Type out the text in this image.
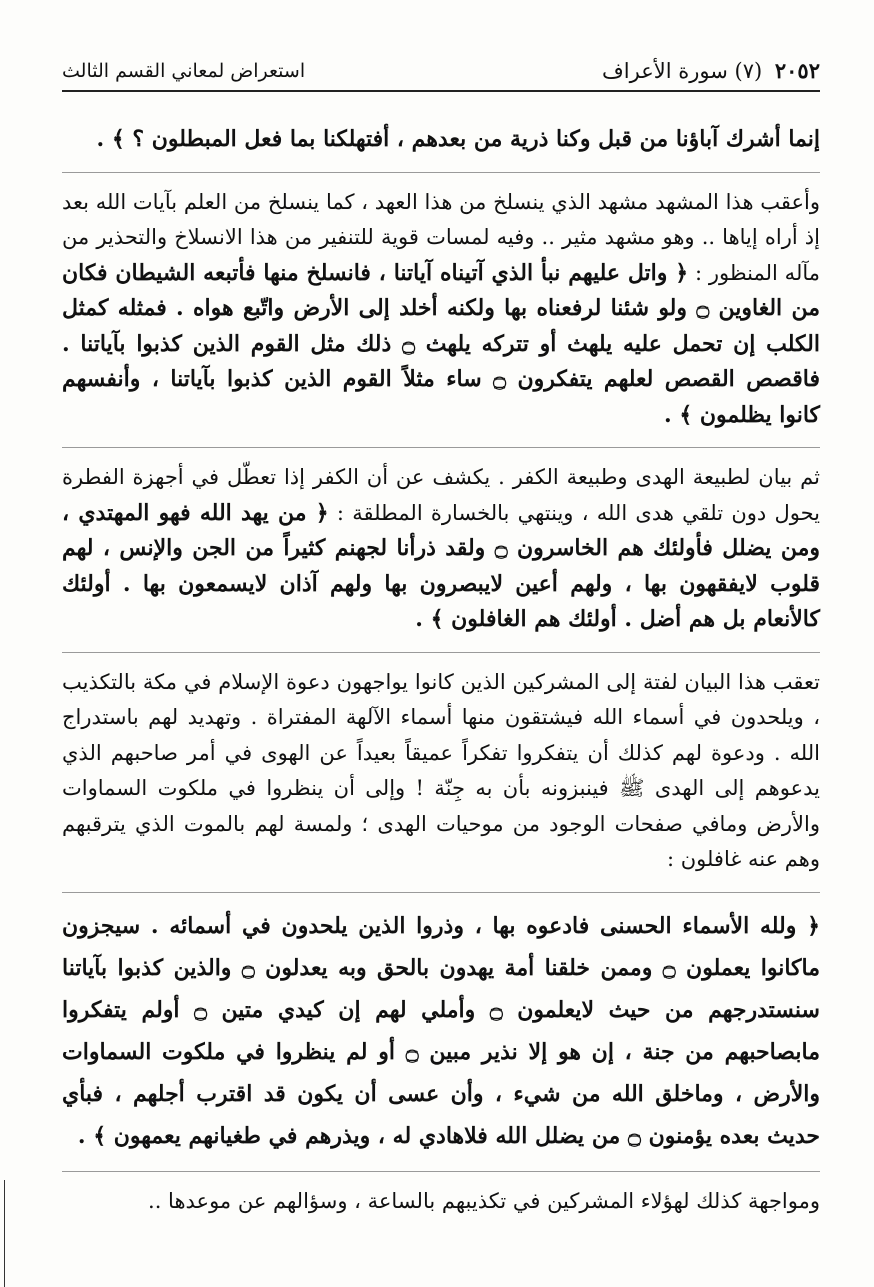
٢٠٥٢ (٧) سورة الأعراف
استعراض لمعاني القسم الثالث

إنما أشرك آباؤنا من قبل وكنا ذرية من بعدهم ، أفتهلكنا بما فعل المبطلون ؟ ﴾ .

وأعقب هذا المشهد مشهد الذي ينسلخ من هذا العهد ، كما ينسلخ من العلم بآيات الله بعد إذ أراه إياها .. وهو مشهد مثير .. وفيه لمسات قوية للتنفير من هذا الانسلاخ والتحذير من مآله المنظور : ﴿ واتل عليهم نبأ الذي آتيناه آياتنا ، فانسلخ منها فأتبعه الشيطان فكان من الغاوين ۝ ولو شئنا لرفعناه بها ولكنه أخلد إلى الأرض واتّبع هواه . فمثله كمثل الكلب إن تحمل عليه يلهث أو تتركه يلهث ۝ ذلك مثل القوم الذين كذبوا بآياتنا . فاقصص القصص لعلهم يتفكرون ۝ ساء مثلاً القوم الذين كذبوا بآياتنا ، وأنفسهم كانوا يظلمون ﴾ .

ثم بيان لطبيعة الهدى وطبيعة الكفر . يكشف عن أن الكفر إذا تعطّل في أجهزة الفطرة يحول دون تلقي هدى الله ، وينتهي بالخسارة المطلقة : ﴿ من يهد الله فهو المهتدي ، ومن يضلل فأولئك هم الخاسرون ۝ ولقد ذرأنا لجهنم كثيراً من الجن والإنس ، لهم قلوب لايفقهون بها ، ولهم أعين لايبصرون بها ولهم آذان لايسمعون بها . أولئك كالأنعام بل هم أضل . أولئك هم الغافلون ﴾ .

تعقب هذا البيان لفتة إلى المشركين الذين كانوا يواجهون دعوة الإسلام في مكة بالتكذيب ، ويلحدون في أسماء الله فيشتقون منها أسماء الآلهة المفتراة . وتهديد لهم باستدراج الله . ودعوة لهم كذلك أن يتفكروا تفكراً عميقاً بعيداً عن الهوى في أمر صاحبهم الذي يدعوهم إلى الهدى ﷺ فينبزونه بأن به جِنّة ! وإلى أن ينظروا في ملكوت السماوات والأرض ومافي صفحات الوجود من موحيات الهدى ؛ ولمسة لهم بالموت الذي يترقبهم وهم عنه غافلون :

﴿ ولله الأسماء الحسنى فادعوه بها ، وذروا الذين يلحدون في أسمائه . سيجزون ماكانوا يعملون ۝ وممن خلقنا أمة يهدون بالحق وبه يعدلون ۝ والذين كذبوا بآياتنا سنستدرجهم من حيث لايعلمون ۝ وأملي لهم إن كيدي متين ۝ أولم يتفكروا مابصاحبهم من جنة ، إن هو إلا نذير مبين ۝ أو لم ينظروا في ملكوت السماوات والأرض ، وماخلق الله من شيء ، وأن عسى أن يكون قد اقترب أجلهم ، فبأي حديث بعده يؤمنون ۝ من يضلل الله فلاهادي له ، ويذرهم في طغيانهم يعمهون ﴾ .

ومواجهة كذلك لهؤلاء المشركين في تكذيبهم بالساعة ، وسؤالهم عن موعدها ..
